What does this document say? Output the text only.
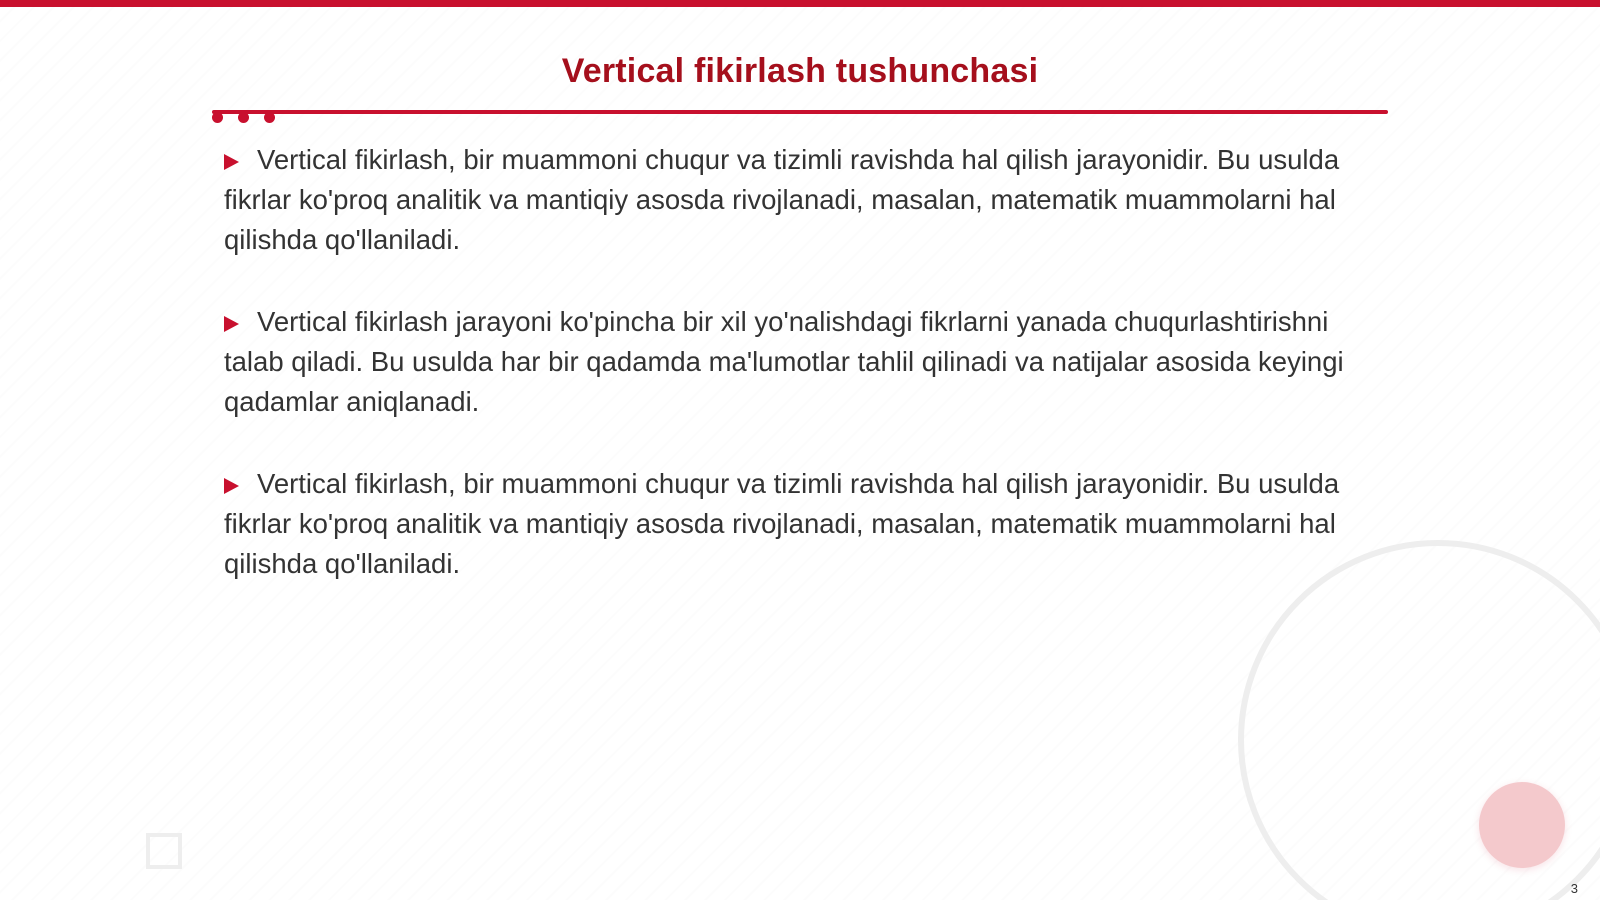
Vertical fikirlash tushunchasi

Vertical fikirlash, bir muammoni chuqur va tizimli ravishda hal qilish jarayonidir. Bu usulda fikrlar ko'proq analitik va mantiqiy asosda rivojlanadi, masalan, matematik muammolarni hal qilishda qo'llaniladi.

Vertical fikirlash jarayoni ko'pincha bir xil yo'nalishdagi fikrlarni yanada chuqurlashtirishni talab qiladi. Bu usulda har bir qadamda ma'lumotlar tahlil qilinadi va natijalar asosida keyingi qadamlar aniqlanadi.

Vertical fikirlash, bir muammoni chuqur va tizimli ravishda hal qilish jarayonidir. Bu usulda fikrlar ko'proq analitik va mantiqiy asosda rivojlanadi, masalan, matematik muammolarni hal qilishda qo'llaniladi.

3
